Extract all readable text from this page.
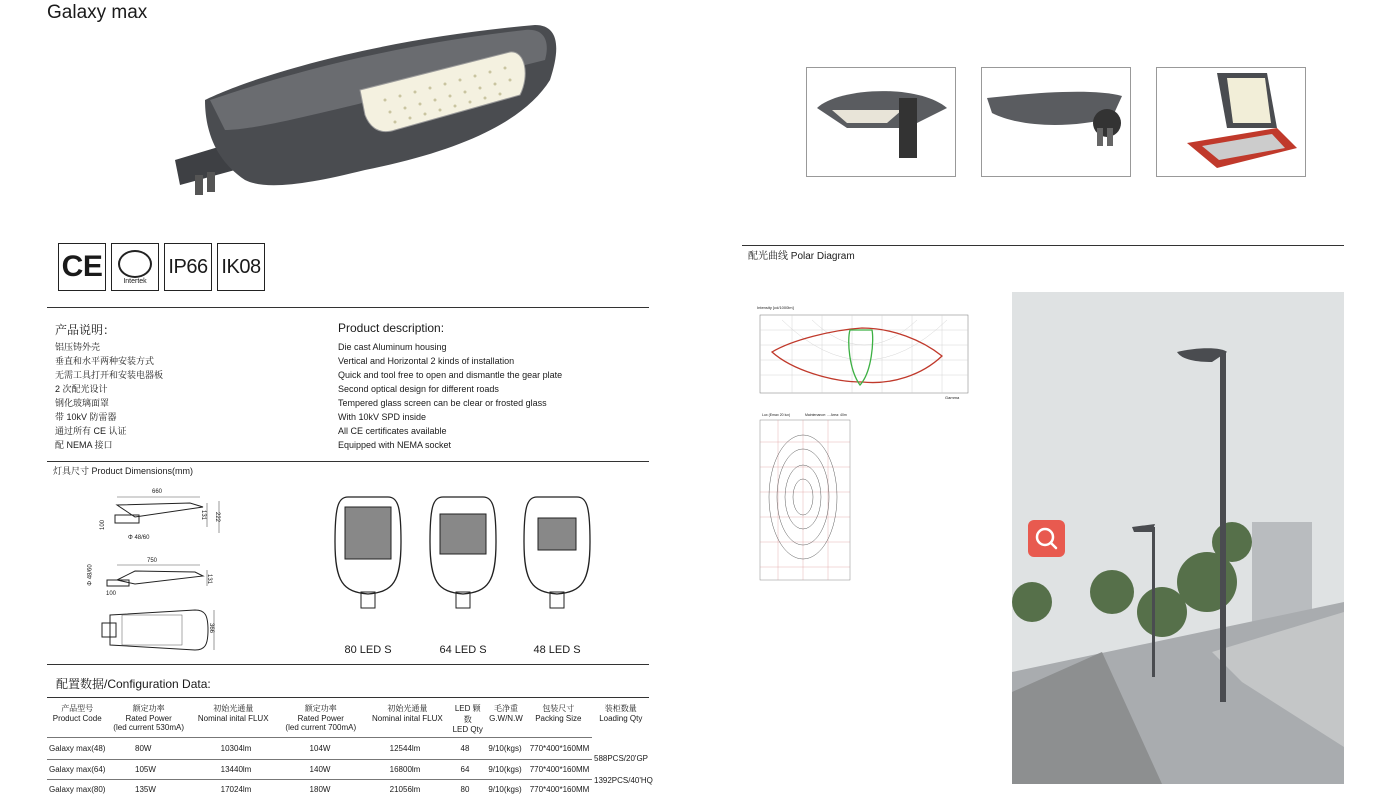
Galaxy max
CE	Intertek
IP66 IK08
产品说明：	Product description:
铝压铸外壳
垂直和水平两种安装方式
无需工具打开和安装电器板
2 次配光设计
钢化玻璃面罩
带 10kV 防雷器
通过所有 CE 认证
配 NEMA 接口
Die cast Aluminum housing
Vertical and Horizontal 2 kinds of installation
Quick and tool free to open and dismantle the gear plate
Second optical design for different roads
Tempered glass screen can be clear or frosted glass
With 10kV SPD inside
All CE certificates available
Equipped with NEMA socket
灯具尺寸 Product Dimensions(mm)
660
100
131 222
Φ 48/60
750
Φ 48/60	131
100
366
80 LED S	64 LED S	48 LED S
配置数据/Configuration Data:
产品型号
Product Code

额定功率
Rated Power
(led current 530mA)

初始光通量
Nominal inital FLUX

额定功率
Rated Power
(led current 700mA)

初始光通量
Nominal inital FLUX

LED 颗数
LED Qty

毛净重
G.W/N.W

包装尺寸
Packing Size

装柜数量
Loading Qty
Galaxy max(48)	80W	10304lm	104W	12544lm	48	9/10(kgs)	770*400*160MM
Galaxy max(64)	105W	13440lm	140W	16800lm	64	9/10(kgs)	770*400*160MM
Galaxy max(80)	135W	17024lm	180W	21056lm	80	9/10(kgs)	770*400*160MM
588PCS/20'GP
1392PCS/40'HQ
配光曲线 Polar Diagram
Intensity [cd/1000lm]
Gamma
Lux (Emax 20 lux)	Maintenance: ... Area: 40m
